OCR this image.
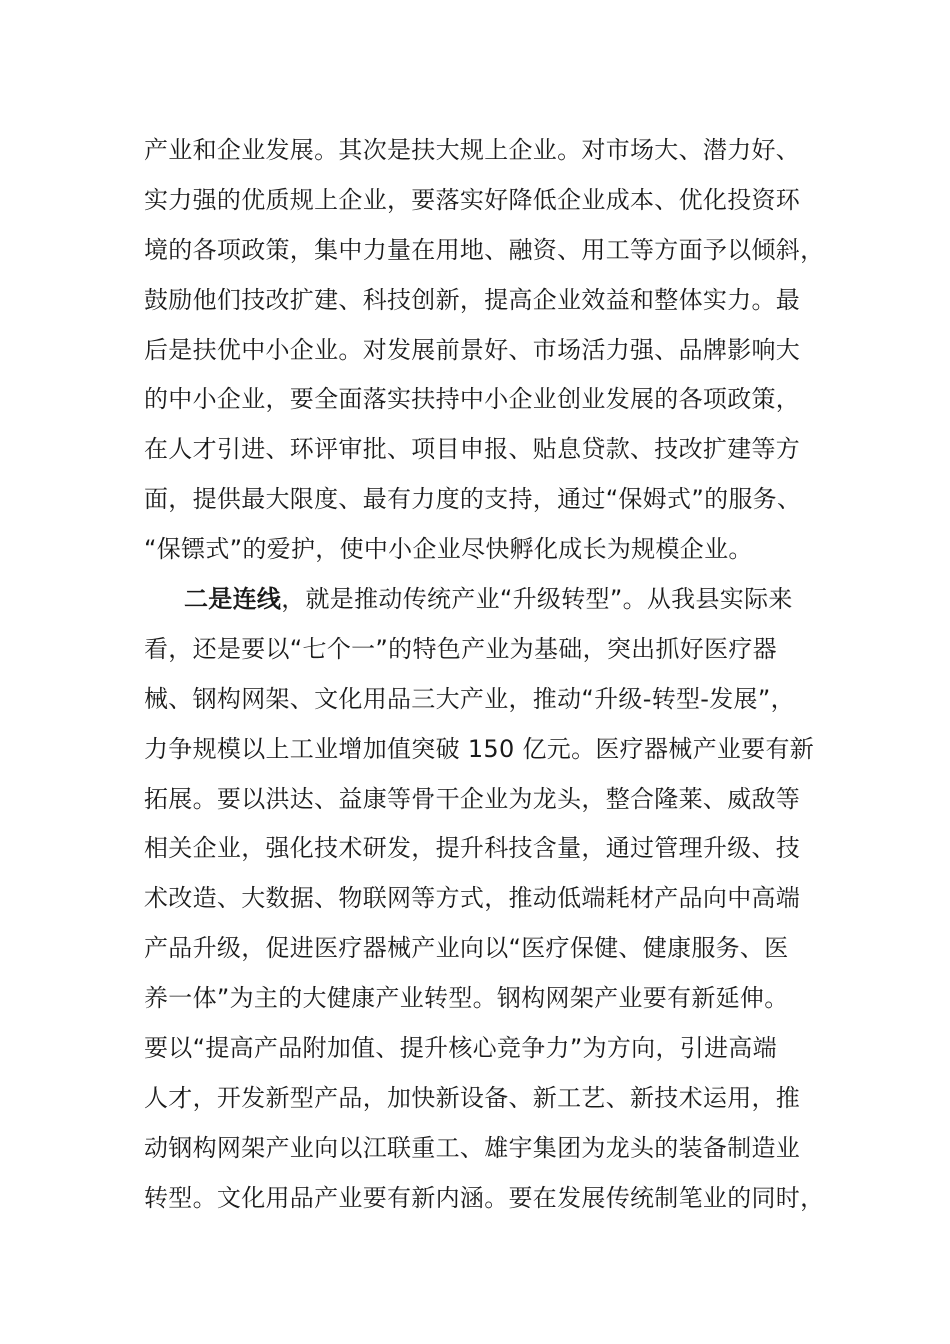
产业和企业发展。其次是扶大规上企业。对市场大、潜力好、
实力强的优质规上企业，要落实好降低企业成本、优化投资环
境的各项政策，集中力量在用地、融资、用工等方面予以倾斜，
鼓励他们技改扩建、科技创新，提高企业效益和整体实力。最
后是扶优中小企业。对发展前景好、市场活力强、品牌影响大
的中小企业，要全面落实扶持中小企业创业发展的各项政策，
在人才引进、环评审批、项目申报、贴息贷款、技改扩建等方
面，提供最大限度、最有力度的支持，通过“保姆式”的服务、
“保镖式”的爱护，使中小企业尽快孵化成长为规模企业。
二是连线，就是推动传统产业“升级转型”。从我县实际来
看，还是要以“七个一”的特色产业为基础，突出抓好医疗器
械、钢构网架、文化用品三大产业，推动“升级-转型-发展”，
力争规模以上工业增加值突破 150 亿元。医疗器械产业要有新
拓展。要以洪达、益康等骨干企业为龙头，整合隆莱、威敌等
相关企业，强化技术研发，提升科技含量，通过管理升级、技
术改造、大数据、物联网等方式，推动低端耗材产品向中高端
产品升级，促进医疗器械产业向以“医疗保健、健康服务、医
养一体”为主的大健康产业转型。钢构网架产业要有新延伸。
要以“提高产品附加值、提升核心竞争力”为方向，引进高端
人才，开发新型产品，加快新设备、新工艺、新技术运用，推
动钢构网架产业向以江联重工、雄宇集团为龙头的装备制造业
转型。文化用品产业要有新内涵。要在发展传统制笔业的同时，
